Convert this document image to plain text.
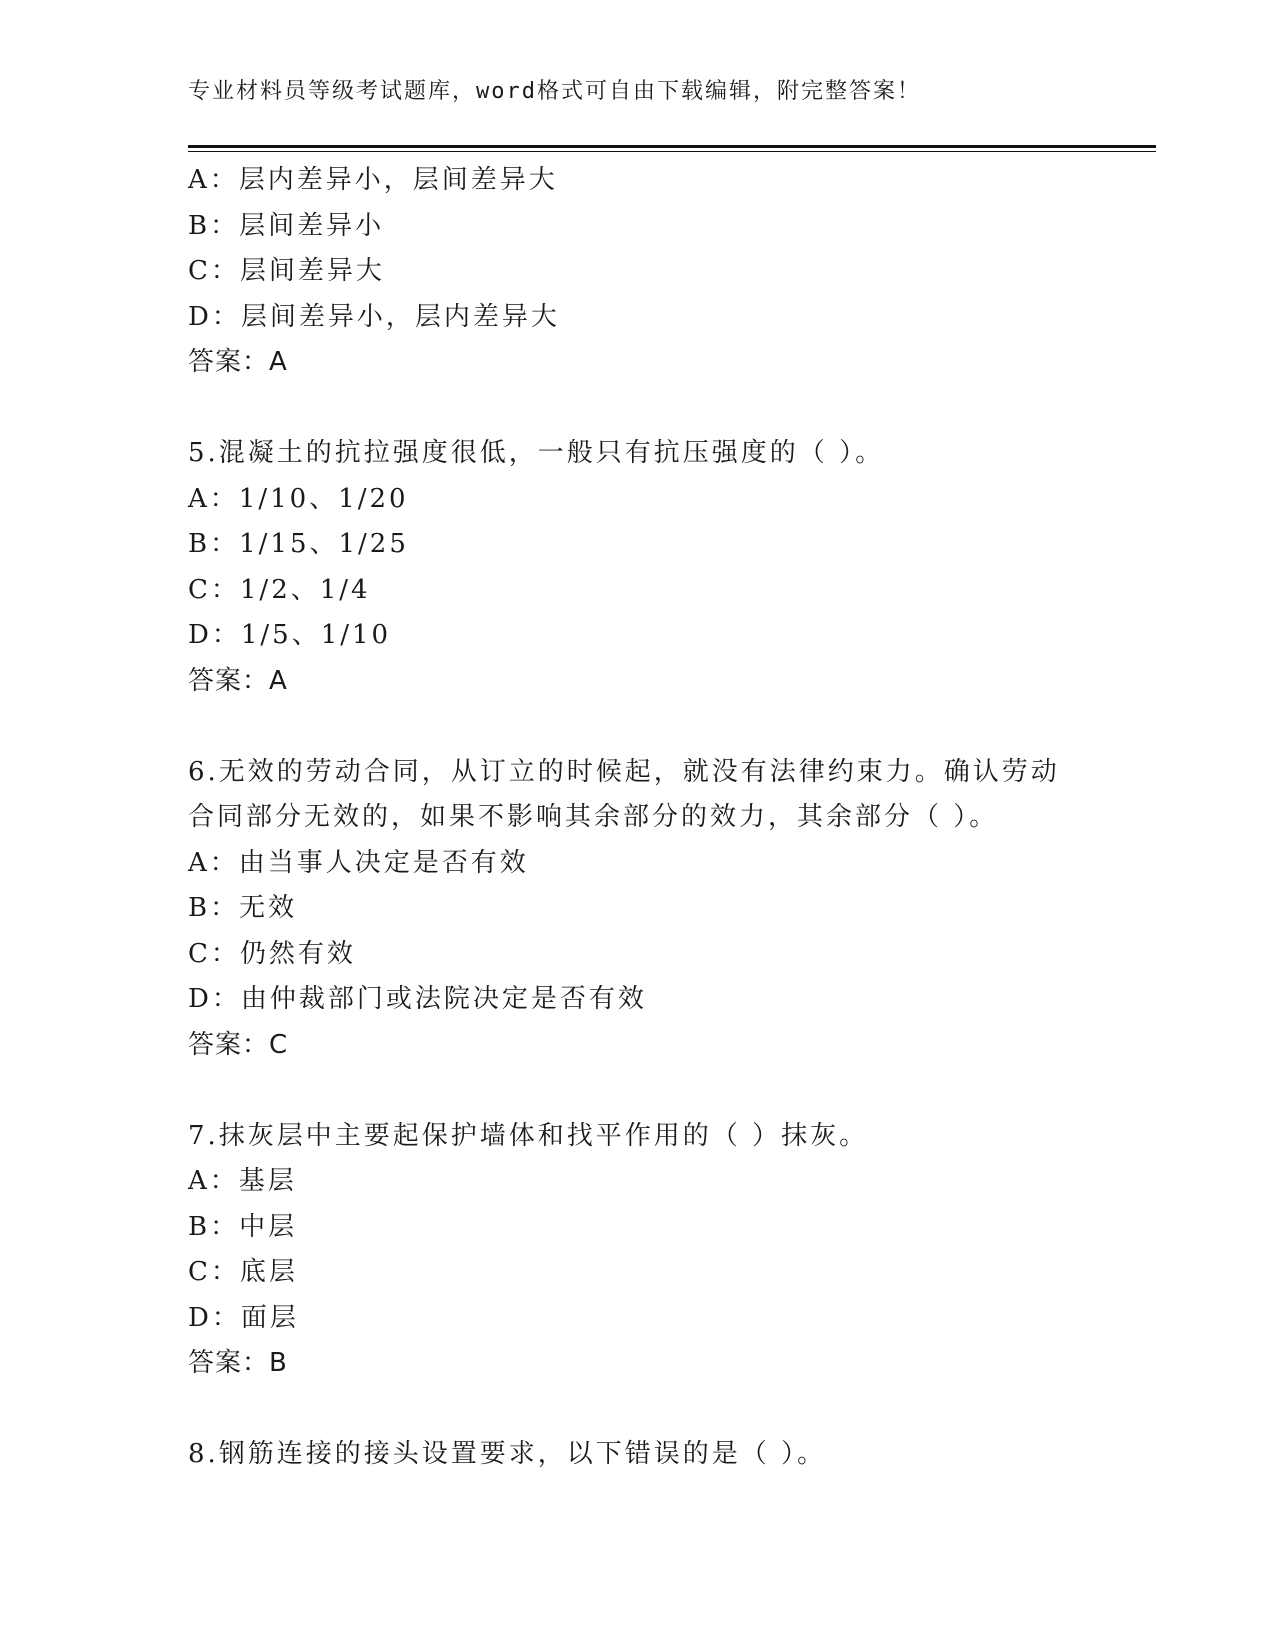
专业材料员等级考试题库，word格式可自由下载编辑，附完整答案！
A：层内差异小，层间差异大
B：层间差异小
C：层间差异大
D：层间差异小，层内差异大
答案：A
5.混凝土的抗拉强度很低，一般只有抗压强度的（ ）。
A：1/10、1/20
B：1/15、1/25
C：1/2、1/4
D：1/5、1/10
答案：A
6.无效的劳动合同，从订立的时候起，就没有法律约束力。确认劳动
合同部分无效的，如果不影响其余部分的效力，其余部分（ ）。
A：由当事人决定是否有效
B：无效
C：仍然有效
D：由仲裁部门或法院决定是否有效
答案：C
7.抹灰层中主要起保护墙体和找平作用的（ ）抹灰。
A：基层
B：中层
C：底层
D：面层
答案：B
8.钢筋连接的接头设置要求，以下错误的是（ ）。
